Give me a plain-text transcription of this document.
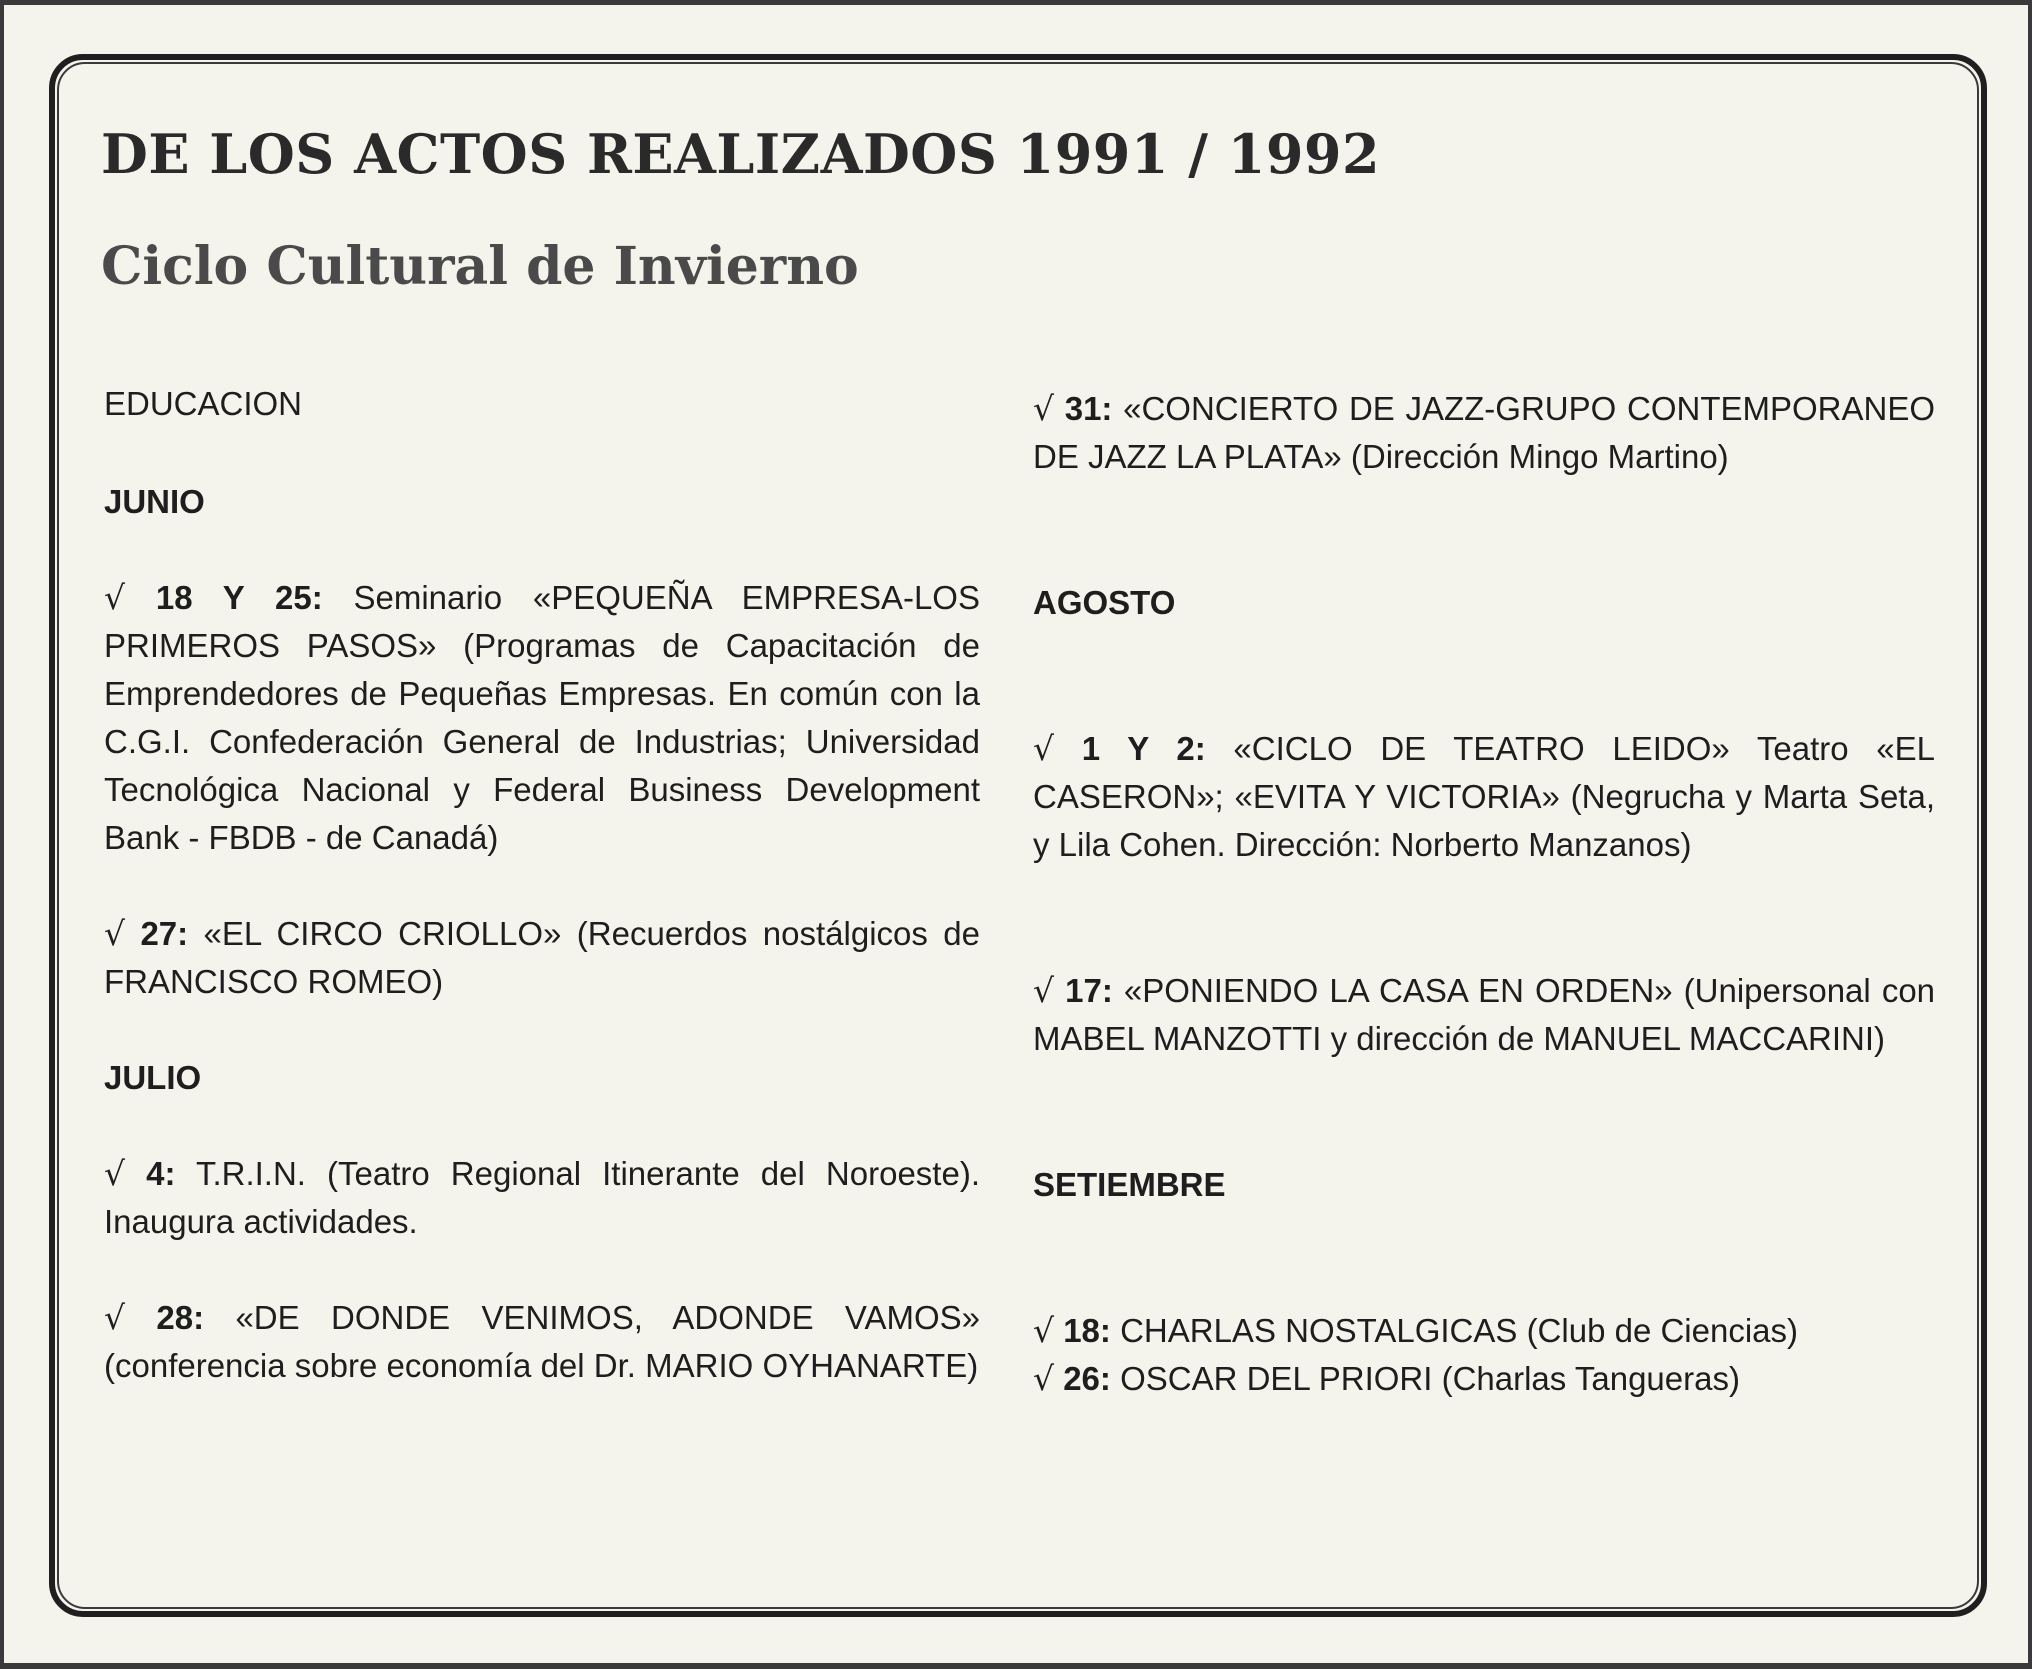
DE LOS ACTOS REALIZADOS 1991 / 1992
Ciclo Cultural de Invierno

EDUCACION

JUNIO

√ 18 Y 25: Seminario «PEQUEÑA EMPRESA-LOS PRIMEROS PASOS» (Programas de Capacitación de Emprendedores de Pequeñas Empresas. En común con la C.G.I. Confederación General de Industrias; Universidad Tecnológica Nacional y Federal Business Development Bank - FBDB - de Canadá)

√ 27: «EL CIRCO CRIOLLO» (Recuerdos nostálgicos de FRANCISCO ROMEO)

JULIO

√ 4: T.R.I.N. (Teatro Regional Itinerante del Noroeste). Inaugura actividades.

√ 28: «DE DONDE VENIMOS, ADONDE VAMOS» (conferencia sobre economía del Dr. MARIO OYHANARTE)

√ 31: «CONCIERTO DE JAZZ-GRUPO CONTEMPORANEO DE JAZZ LA PLATA» (Dirección Mingo Martino)

AGOSTO

√ 1 Y 2: «CICLO DE TEATRO LEIDO» Teatro «EL CASERON»; «EVITA Y VICTORIA» (Negrucha y Marta Seta, y Lila Cohen. Dirección: Norberto Manzanos)

√ 17: «PONIENDO LA CASA EN ORDEN» (Unipersonal con MABEL MANZOTTI y dirección de MANUEL MACCARINI)

SETIEMBRE

√ 18: CHARLAS NOSTALGICAS (Club de Ciencias)

√ 26: OSCAR DEL PRIORI (Charlas Tangueras)
